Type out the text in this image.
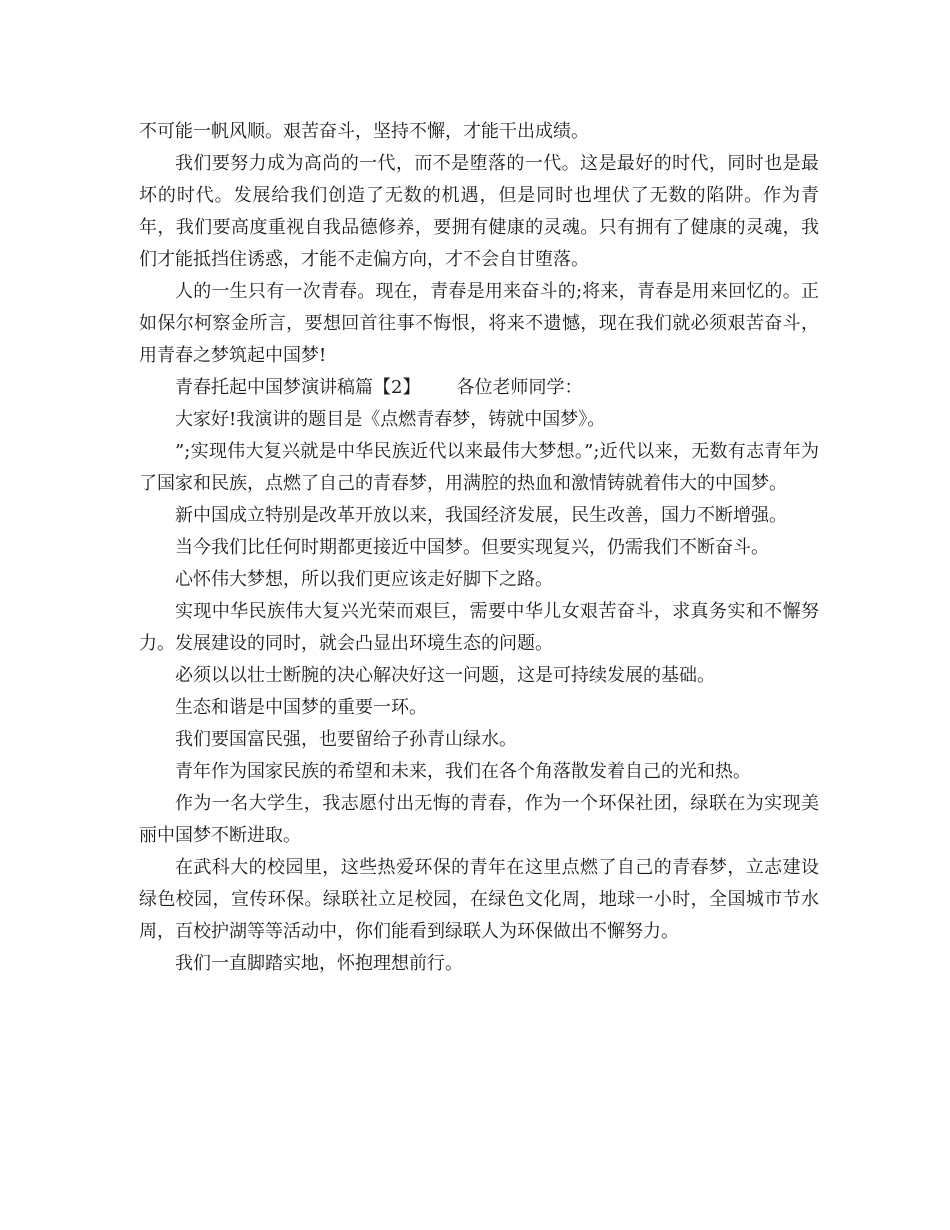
不可能一帆风顺。艰苦奋斗，坚持不懈，才能干出成绩。

我们要努力成为高尚的一代，而不是堕落的一代。这是最好的时代，同时也是最坏的时代。发展给我们创造了无数的机遇，但是同时也埋伏了无数的陷阱。作为青年，我们要高度重视自我品德修养，要拥有健康的灵魂。只有拥有了健康的灵魂，我们才能抵挡住诱惑，才能不走偏方向，才不会自甘堕落。

人的一生只有一次青春。现在，青春是用来奋斗的;将来，青春是用来回忆的。正如保尔柯察金所言，要想回首往事不悔恨，将来不遗憾，现在我们就必须艰苦奋斗，用青春之梦筑起中国梦!

青春托起中国梦演讲稿篇【2】 各位老师同学：

大家好!我演讲的题目是《点燃青春梦，铸就中国梦》。

”;实现伟大复兴就是中华民族近代以来最伟大梦想。”;近代以来，无数有志青年为了国家和民族，点燃了自己的青春梦，用满腔的热血和激情铸就着伟大的中国梦。

新中国成立特别是改革开放以来，我国经济发展，民生改善，国力不断增强。

当今我们比任何时期都更接近中国梦。但要实现复兴，仍需我们不断奋斗。

心怀伟大梦想，所以我们更应该走好脚下之路。

实现中华民族伟大复兴光荣而艰巨，需要中华儿女艰苦奋斗，求真务实和不懈努力。发展建设的同时，就会凸显出环境生态的问题。

必须以以壮士断腕的决心解决好这一问题，这是可持续发展的基础。

生态和谐是中国梦的重要一环。

我们要国富民强，也要留给子孙青山绿水。

青年作为国家民族的希望和未来，我们在各个角落散发着自己的光和热。

作为一名大学生，我志愿付出无悔的青春，作为一个环保社团，绿联在为实现美丽中国梦不断进取。

在武科大的校园里，这些热爱环保的青年在这里点燃了自己的青春梦，立志建设绿色校园，宣传环保。绿联社立足校园，在绿色文化周，地球一小时，全国城市节水周，百校护湖等等活动中，你们能看到绿联人为环保做出不懈努力。

我们一直脚踏实地，怀抱理想前行。
